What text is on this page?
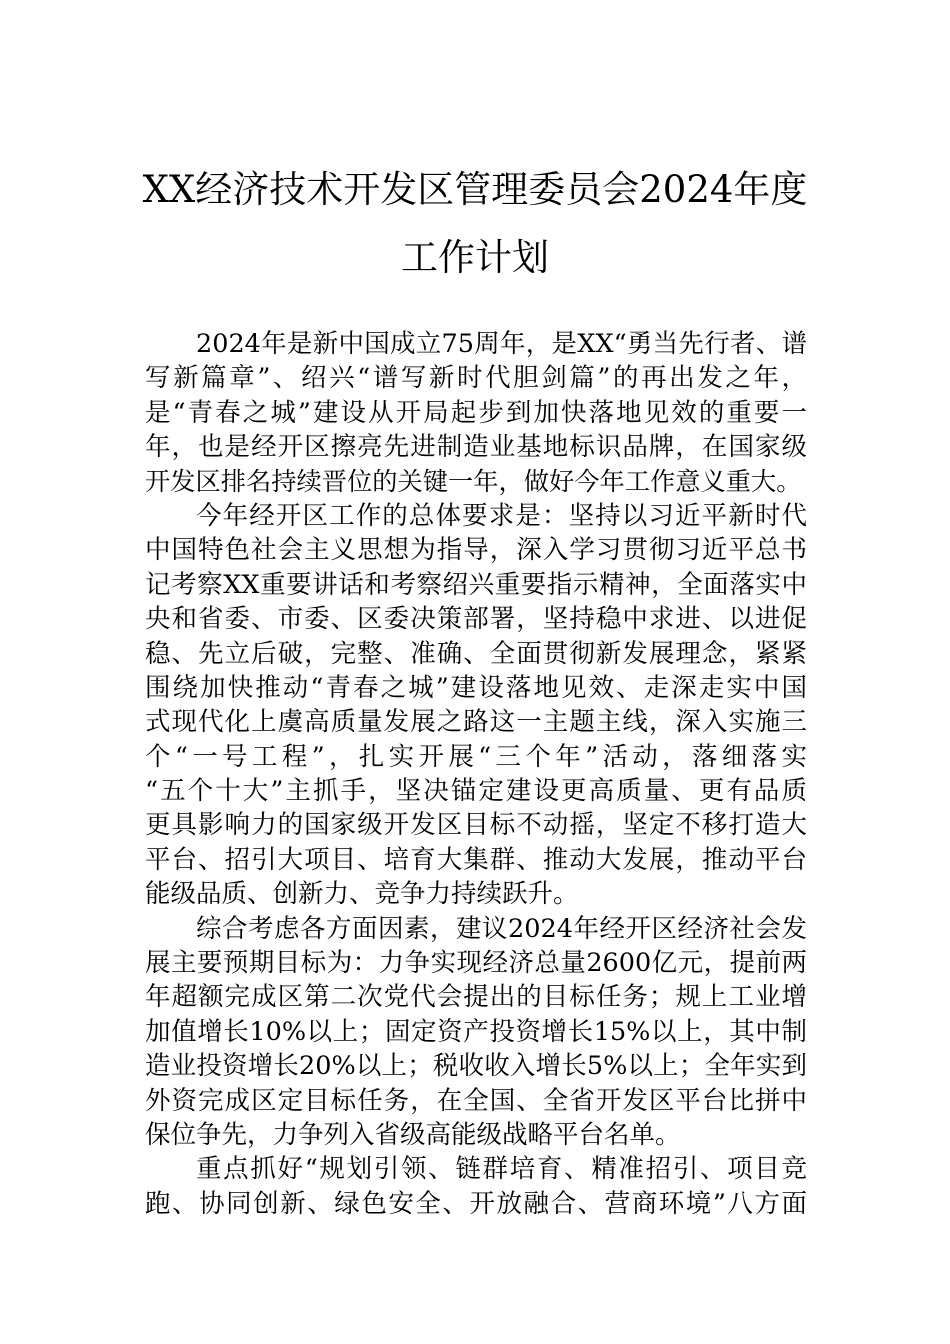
XX经济技术开发区管理委员会2024年度
工作计划
2024年是新中国成立75周年，是XX“勇当先行者、谱
写新篇章”、绍兴“谱写新时代胆剑篇”的再出发之年，
是“青春之城”建设从开局起步到加快落地见效的重要一
年，也是经开区擦亮先进制造业基地标识品牌，在国家级
开发区排名持续晋位的关键一年，做好今年工作意义重大。
今年经开区工作的总体要求是：坚持以习近平新时代
中国特色社会主义思想为指导，深入学习贯彻习近平总书
记考察XX重要讲话和考察绍兴重要指示精神，全面落实中
央和省委、市委、区委决策部署，坚持稳中求进、以进促
稳、先立后破，完整、准确、全面贯彻新发展理念，紧紧
围绕加快推动“青春之城”建设落地见效、走深走实中国
式现代化上虞高质量发展之路这一主题主线，深入实施三
个“一号工程”，扎实开展“三个年”活动，落细落实
“五个十大”主抓手，坚决锚定建设更高质量、更有品质
更具影响力的国家级开发区目标不动摇，坚定不移打造大
平台、招引大项目、培育大集群、推动大发展，推动平台
能级品质、创新力、竞争力持续跃升。
综合考虑各方面因素，建议2024年经开区经济社会发
展主要预期目标为：力争实现经济总量2600亿元，提前两
年超额完成区第二次党代会提出的目标任务；规上工业增
加值增长10%以上；固定资产投资增长15%以上，其中制
造业投资增长20%以上；税收收入增长5%以上；全年实到
外资完成区定目标任务，在全国、全省开发区平台比拼中
保位争先，力争列入省级高能级战略平台名单。
重点抓好“规划引领、链群培育、精准招引、项目竞
跑、协同创新、绿色安全、开放融合、营商环境”八方面
